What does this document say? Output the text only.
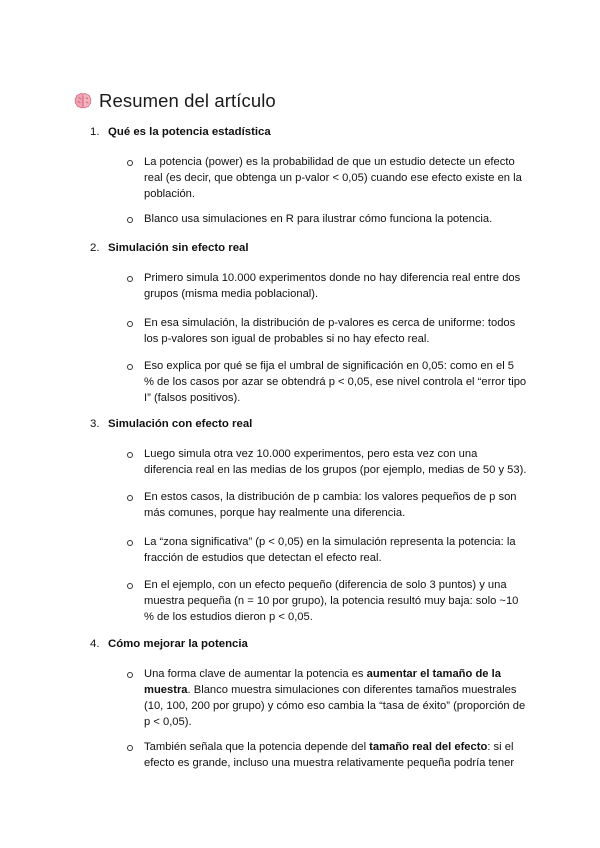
Resumen del artículo
1. Qué es la potencia estadística
La potencia (power) es la probabilidad de que un estudio detecte un efecto real (es decir, que obtenga un p-valor < 0,05) cuando ese efecto existe en la población.
Blanco usa simulaciones en R para ilustrar cómo funciona la potencia.
2. Simulación sin efecto real
Primero simula 10.000 experimentos donde no hay diferencia real entre dos grupos (misma media poblacional).
En esa simulación, la distribución de p-valores es cerca de uniforme: todos los p-valores son igual de probables si no hay efecto real.
Eso explica por qué se fija el umbral de significación en 0,05: como en el 5 % de los casos por azar se obtendrá p < 0,05, ese nivel controla el “error tipo I” (falsos positivos).
3. Simulación con efecto real
Luego simula otra vez 10.000 experimentos, pero esta vez con una diferencia real en las medias de los grupos (por ejemplo, medias de 50 y 53).
En estos casos, la distribución de p cambia: los valores pequeños de p son más comunes, porque hay realmente una diferencia.
La “zona significativa” (p < 0,05) en la simulación representa la potencia: la fracción de estudios que detectan el efecto real.
En el ejemplo, con un efecto pequeño (diferencia de solo 3 puntos) y una muestra pequeña (n = 10 por grupo), la potencia resultó muy baja: solo ~10 % de los estudios dieron p < 0,05.
4. Cómo mejorar la potencia
Una forma clave de aumentar la potencia es aumentar el tamaño de la muestra. Blanco muestra simulaciones con diferentes tamaños muestrales (10, 100, 200 por grupo) y cómo eso cambia la “tasa de éxito” (proporción de p < 0,05).
También señala que la potencia depende del tamaño real del efecto: si el efecto es grande, incluso una muestra relativamente pequeña podría tener
